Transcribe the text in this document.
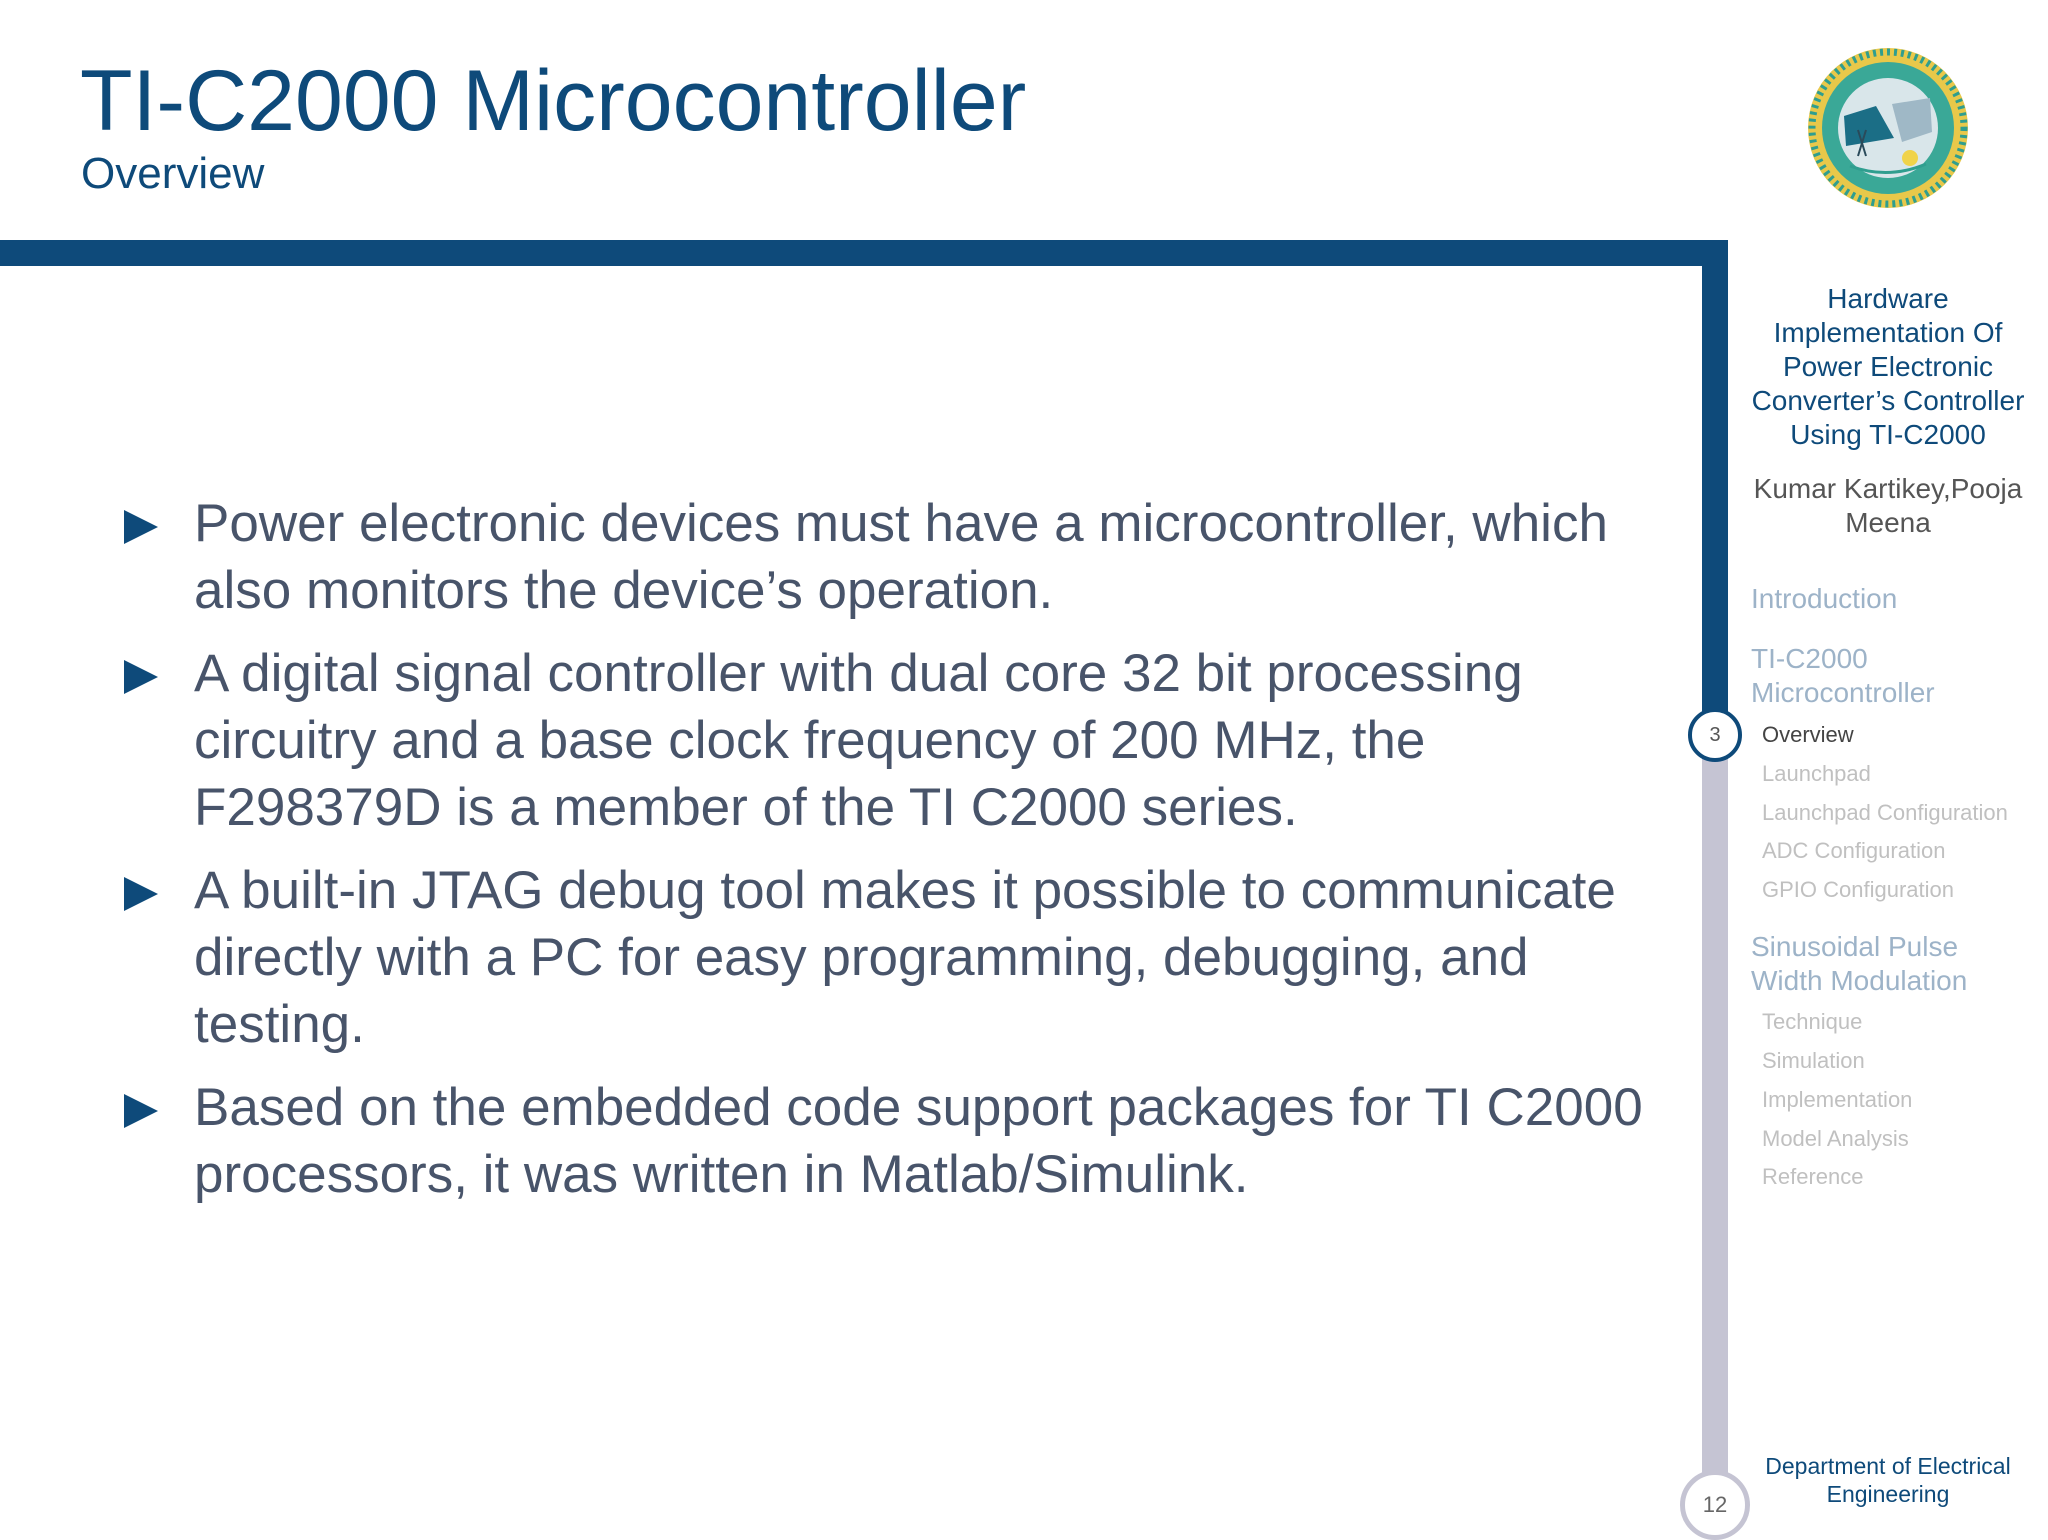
TI-C2000 Microcontroller
Overview
3
12
Power electronic devices must have a microcontroller, which also monitors the device’s operation.
A digital signal controller with dual core 32 bit processing circuitry and a base clock frequency of 200 MHz, the F298379D is a member of the TI C2000 series.
A built-in JTAG debug tool makes it possible to communicate directly with a PC for easy programming, debugging, and testing.
Based on the embedded code support packages for TI C2000 processors, it was written in Matlab/Simulink.
Hardware Implementation Of Power Electronic Converter’s Controller Using TI-C2000
Kumar Kartikey,Pooja Meena
Introduction
TI-C2000 Microcontroller
Overview
Launchpad
Launchpad Configuration
ADC Configuration
GPIO Configuration
Sinusoidal Pulse Width Modulation
Technique
Simulation
Implementation
Model Analysis
Reference
Department of Electrical Engineering
